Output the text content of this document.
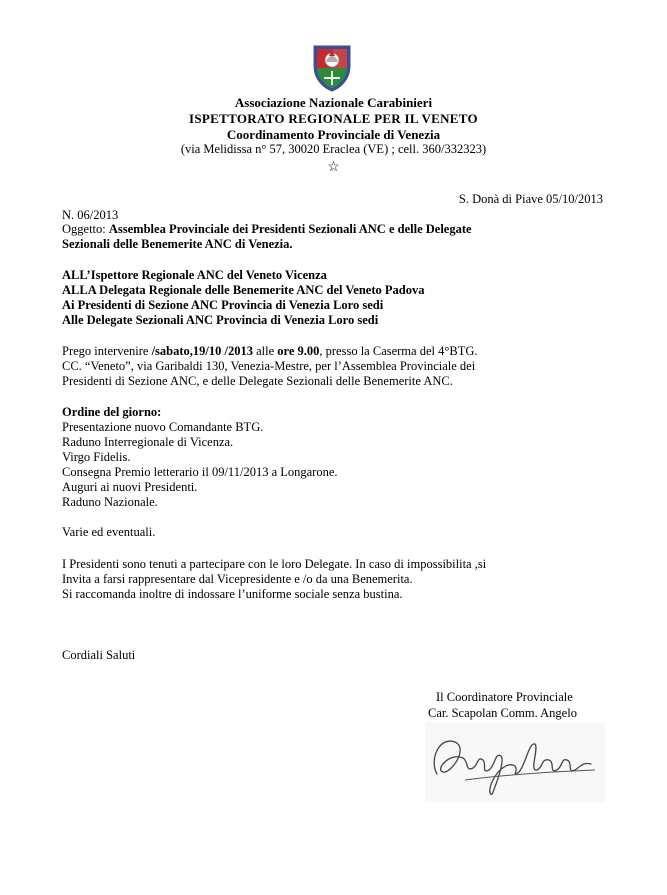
Associazione Nazionale Carabinieri
ISPETTORATO REGIONALE PER IL VENETO
Coordinamento Provinciale di Venezia
(via Melidissa n° 57, 30020 Eraclea (VE) ; cell. 360/332323)
☆
S. Donà di Piave 05/10/2013
N. 06/2013
Oggetto: Assemblea Provinciale dei Presidenti Sezionali ANC e delle Delegate
Sezionali delle Benemerite ANC di Venezia.
ALL’Ispettore Regionale ANC del Veneto Vicenza
ALLA Delegata Regionale delle Benemerite ANC del Veneto Padova
Ai Presidenti di Sezione ANC Provincia di Venezia Loro sedi
Alle Delegate Sezionali ANC Provincia di Venezia Loro sedi
Prego intervenire /sabato,19/10 /2013 alle ore 9.00, presso la Caserma del 4°BTG.
CC. “Veneto”, via Garibaldi 130, Venezia-Mestre, per l’Assemblea Provinciale dei
Presidenti di Sezione ANC, e delle Delegate Sezionali delle Benemerite ANC.
Ordine del giorno:
Presentazione nuovo Comandante BTG.
Raduno Interregionale di Vicenza.
Virgo Fidelis.
Consegna Premio letterario il 09/11/2013 a Longarone.
Auguri ai nuovi Presidenti.
Raduno Nazionale.
Varie ed eventuali.
I Presidenti sono tenuti a partecipare con le loro Delegate. In caso di impossibilita ,si
Invita a farsi rappresentare dal Vicepresidente e /o da una Benemerita.
Si raccomanda inoltre di indossare l’uniforme sociale senza bustina.
Cordiali Saluti
Il Coordinatore Provinciale
Car. Scapolan Comm. Angelo
